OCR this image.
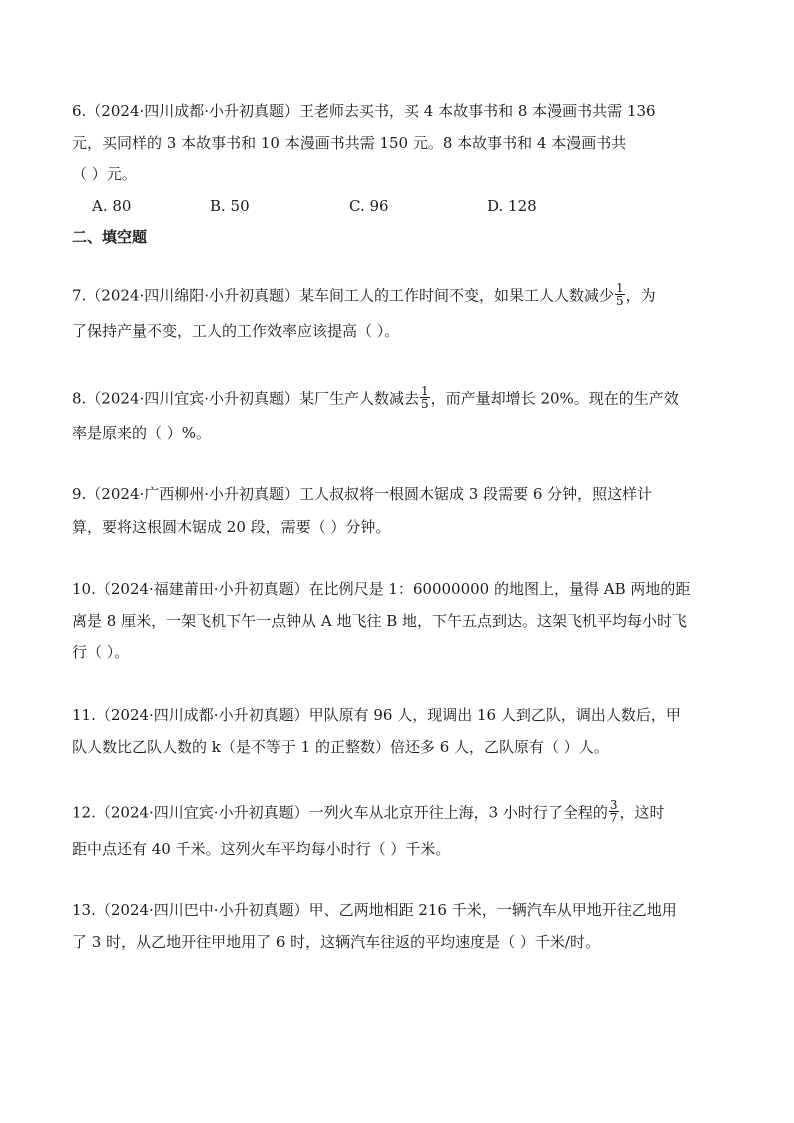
6.（2024·四川成都·小升初真题）王老师去买书，买 4 本故事书和 8 本漫画书共需 136
元，买同样的 3 本故事书和 10 本漫画书共需 150 元。8 本故事书和 4 本漫画书共
（ ）元。
A. 80	B. 50	C. 96	D. 128
二、填空题
7.（2024·四川绵阳·小升初真题）某车间工人的工作时间不变，如果工人人数减少 $\frac{1}{5}$ ，为
了保持产量不变，工人的工作效率应该提高（ ）。
8.（2024·四川宜宾·小升初真题）某厂生产人数减去 $\frac{1}{5}$ ，而产量却增长 20%。现在的生产效
率是原来的（ ）%。
9.（2024·广西柳州·小升初真题）工人叔叔将一根圆木锯成 3 段需要 6 分钟，照这样计
算，要将这根圆木锯成 20 段，需要（ ）分钟。
10.（2024·福建莆田·小升初真题）在比例尺是 1：60000000 的地图上，量得 AB 两地的距
离是 8 厘米，一架飞机下午一点钟从 A 地飞往 B 地，下午五点到达。这架飞机平均每小时飞
行（ ）。
11.（2024·四川成都·小升初真题）甲队原有 96 人，现调出 16 人到乙队，调出人数后，甲
队人数比乙队人数的 k（是不等于 1 的正整数）倍还多 6 人，乙队原有（ ）人。
12.（2024·四川宜宾·小升初真题）一列火车从北京开往上海，3 小时行了全程的 $\frac{3}{7}$ ，这时
距中点还有 40 千米。这列火车平均每小时行（ ）千米。
13.（2024·四川巴中·小升初真题）甲、乙两地相距 216 千米，一辆汽车从甲地开往乙地用
了 3 时，从乙地开往甲地用了 6 时，这辆汽车往返的平均速度是（ ）千米/时。
